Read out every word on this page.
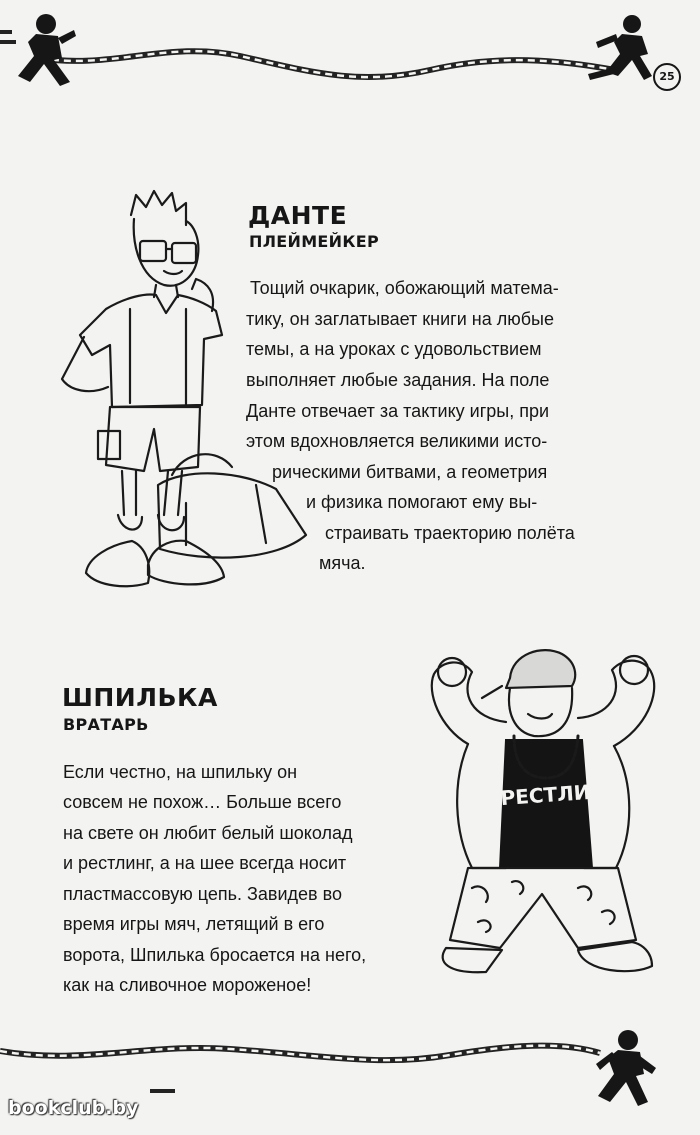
25
ДАНТЕ
ПЛЕЙМЕЙКЕР
Тощий очкарик, обожающий матема-
тику, он заглатывает книги на любые
темы, а на уроках с удовольствием
выполняет любые задания. На поле
Данте отвечает за тактику игры, при
этом вдохновляется великими исто-
рическими битвами, а геометрия
и физика помогают ему вы-
страивать траекторию полёта
мяча.
ШПИЛЬКА
ВРАТАРЬ
Если честно, на шпильку он
совсем не похож… Больше всего
на свете он любит белый шоколад
и рестлинг, а на шее всегда носит
пластмассовую цепь. Завидев во
время игры мяч, летящий в его
ворота, Шпилька бросается на него,
как на сливочное мороженое!
РЕСТЛИ
bookclub.by
